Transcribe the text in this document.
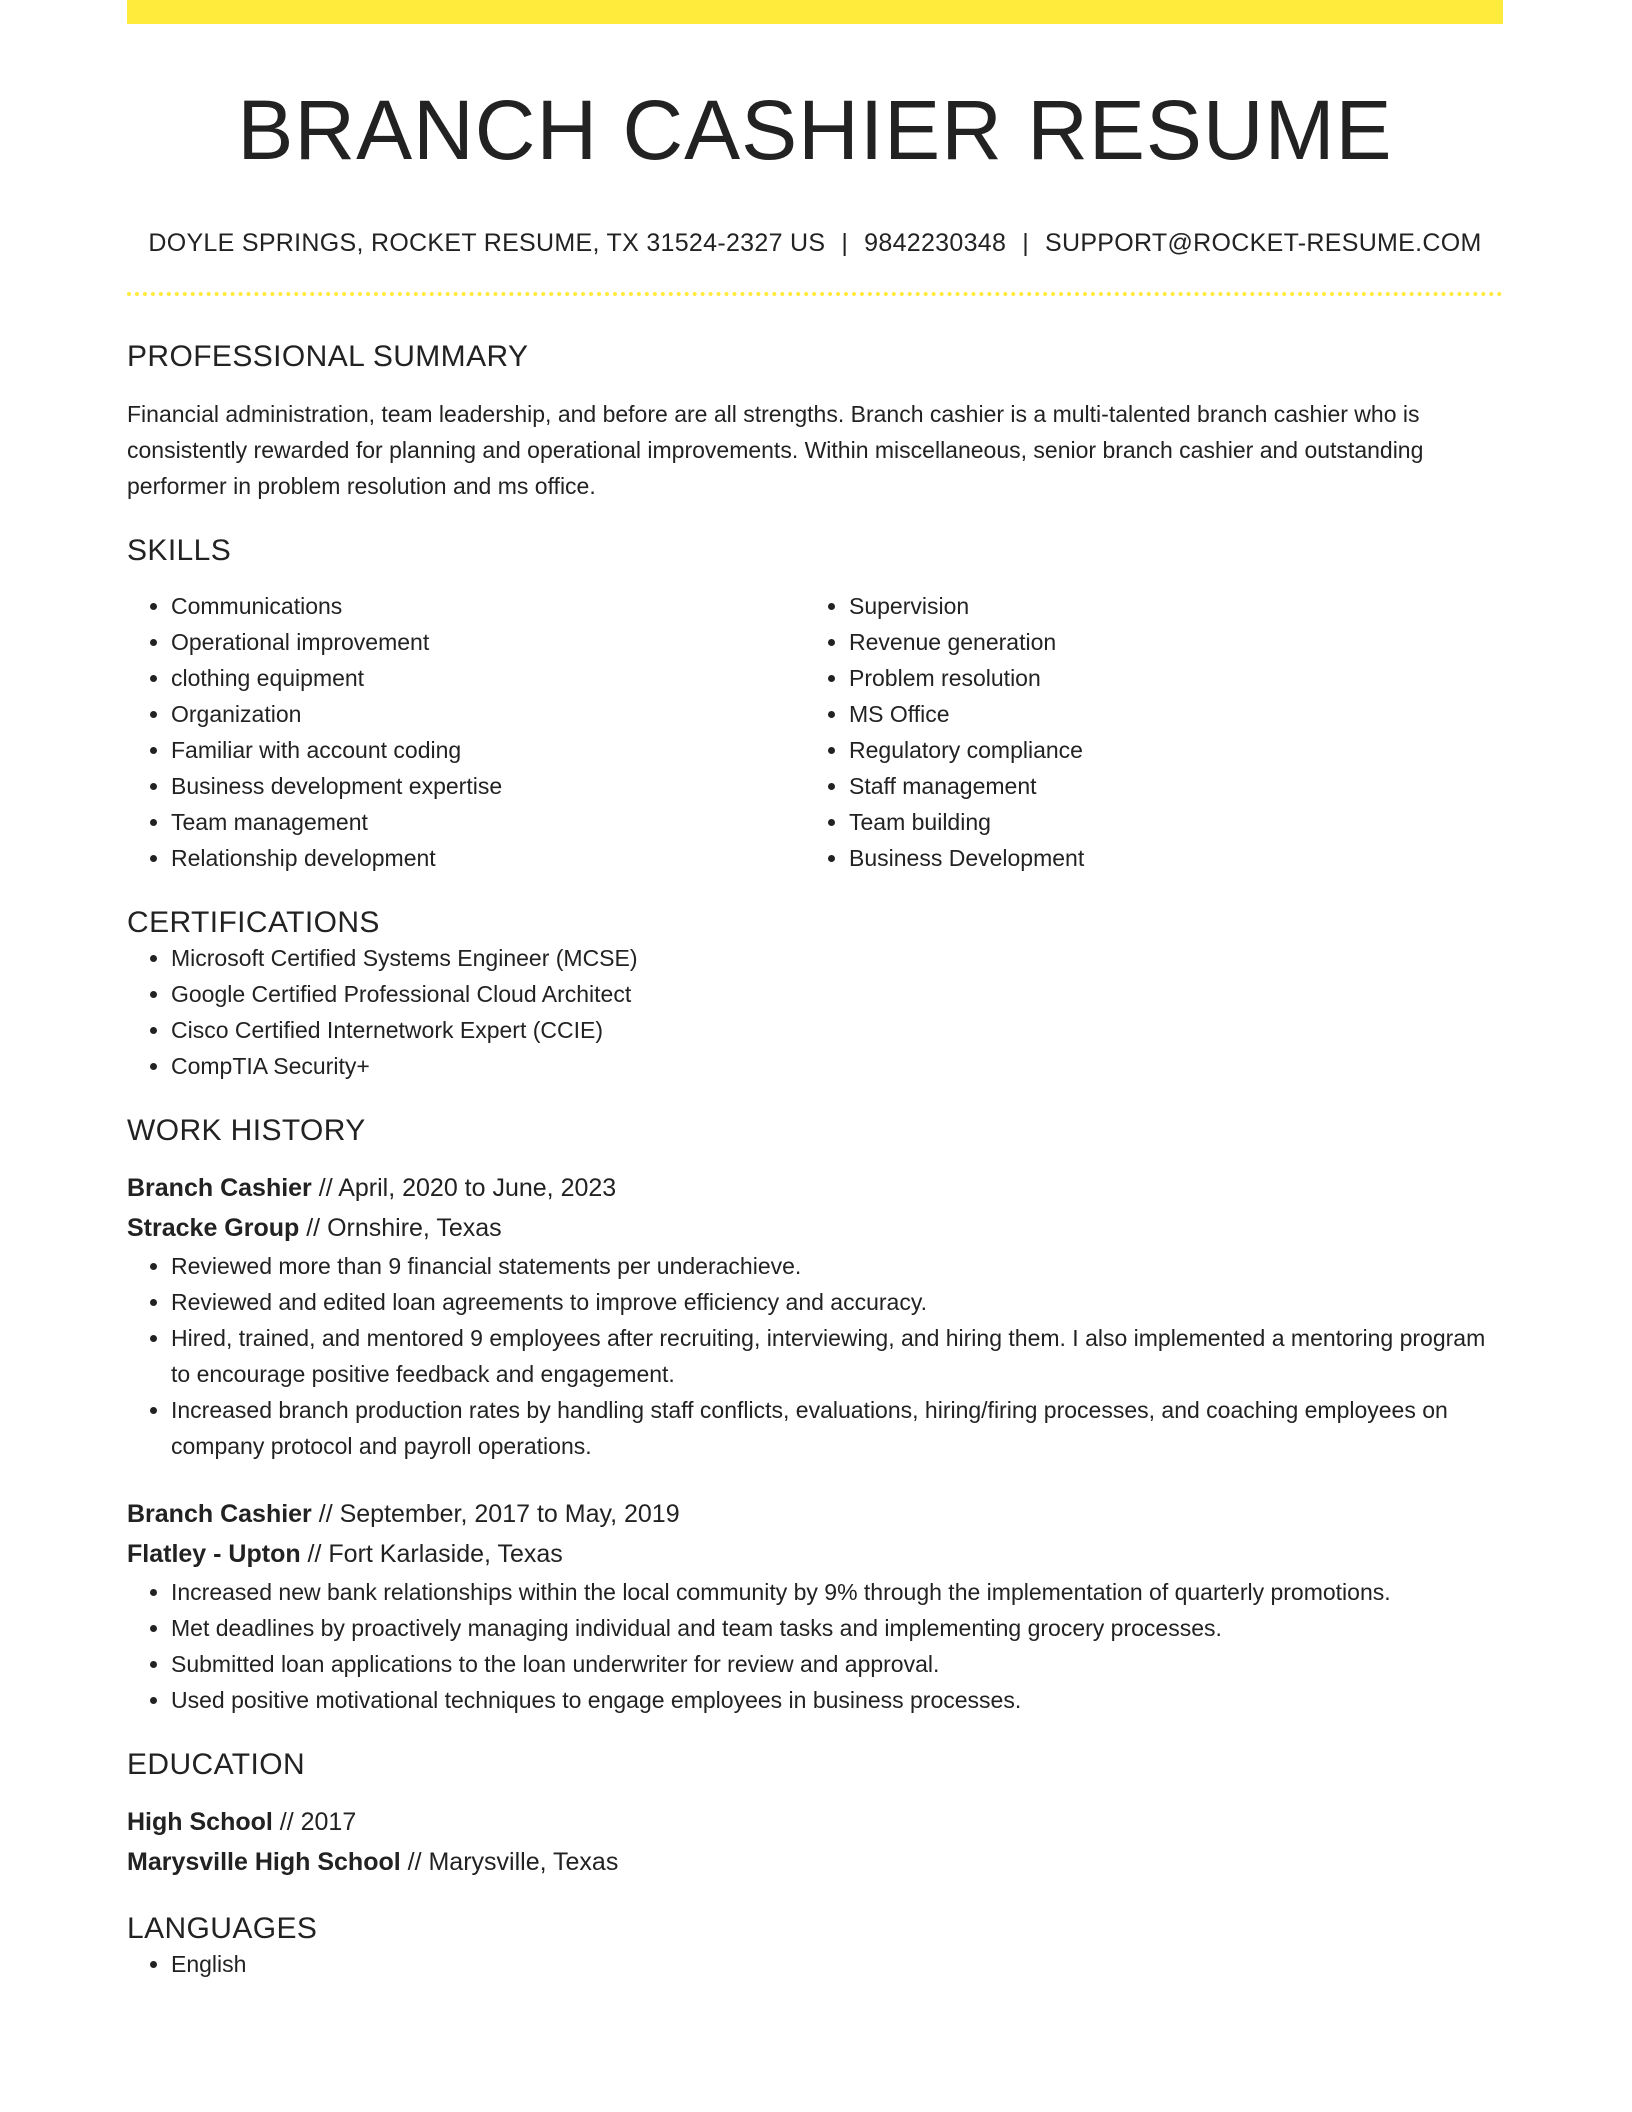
BRANCH CASHIER RESUME
DOYLE SPRINGS, ROCKET RESUME, TX 31524-2327 US | 9842230348 | SUPPORT@ROCKET-RESUME.COM
PROFESSIONAL SUMMARY
Financial administration, team leadership, and before are all strengths. Branch cashier is a multi-talented branch cashier who is consistently rewarded for planning and operational improvements. Within miscellaneous, senior branch cashier and outstanding performer in problem resolution and ms office.
SKILLS
• Communications
• Operational improvement
• clothing equipment
• Organization
• Familiar with account coding
• Business development expertise
• Team management
• Relationship development
• Supervision
• Revenue generation
• Problem resolution
• MS Office
• Regulatory compliance
• Staff management
• Team building
• Business Development
CERTIFICATIONS
• Microsoft Certified Systems Engineer (MCSE)
• Google Certified Professional Cloud Architect
• Cisco Certified Internetwork Expert (CCIE)
• CompTIA Security+
WORK HISTORY
Branch Cashier // April, 2020 to June, 2023
Stracke Group // Ornshire, Texas
• Reviewed more than 9 financial statements per underachieve.
• Reviewed and edited loan agreements to improve efficiency and accuracy.
• Hired, trained, and mentored 9 employees after recruiting, interviewing, and hiring them. I also implemented a mentoring program to encourage positive feedback and engagement.
• Increased branch production rates by handling staff conflicts, evaluations, hiring/firing processes, and coaching employees on company protocol and payroll operations.
Branch Cashier // September, 2017 to May, 2019
Flatley - Upton // Fort Karlaside, Texas
• Increased new bank relationships within the local community by 9% through the implementation of quarterly promotions.
• Met deadlines by proactively managing individual and team tasks and implementing grocery processes.
• Submitted loan applications to the loan underwriter for review and approval.
• Used positive motivational techniques to engage employees in business processes.
EDUCATION
High School // 2017
Marysville High School // Marysville, Texas
LANGUAGES
• English
